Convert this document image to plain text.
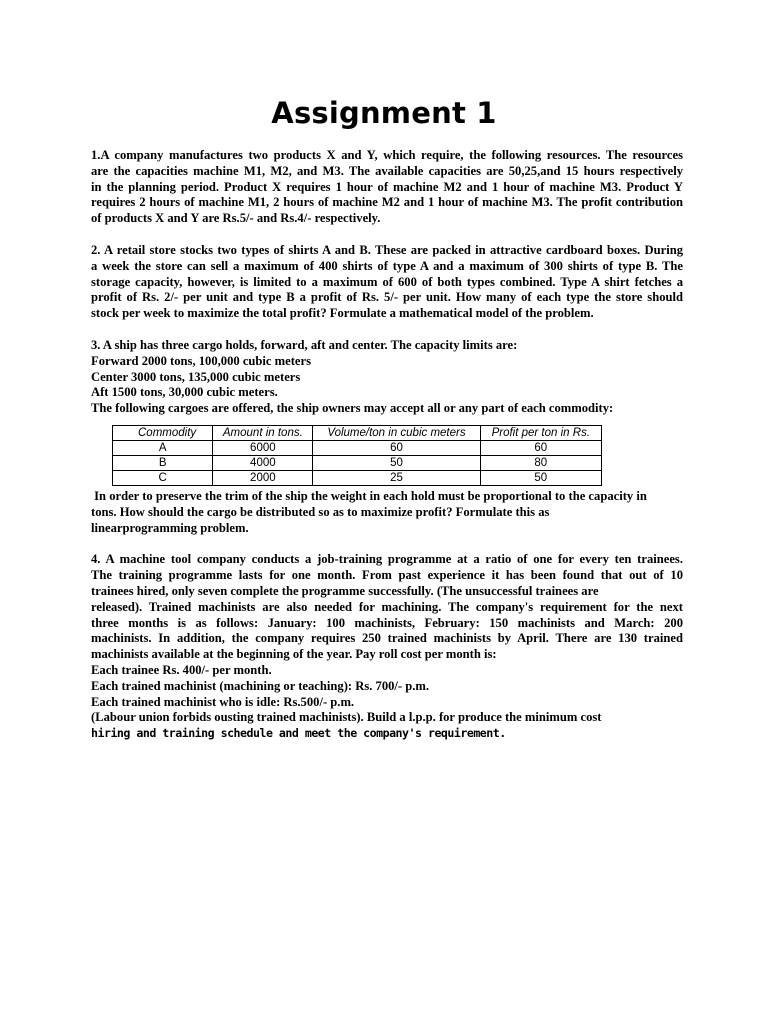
Assignment 1
1.A company manufactures two products X and Y, which require, the following resources. The resources
are the capacities machine M1, M2, and M3. The available capacities are 50,25,and 15 hours respectively
in the planning period. Product X requires 1 hour of machine M2 and 1 hour of machine M3. Product Y
requires 2 hours of machine M1, 2 hours of machine M2 and 1 hour of machine M3. The profit contribution
of products X and Y are Rs.5/- and Rs.4/- respectively.
2. A retail store stocks two types of shirts A and B. These are packed in attractive cardboard boxes. During
a week the store can sell a maximum of 400 shirts of type A and a maximum of 300 shirts of type B. The
storage capacity, however, is limited to a maximum of 600 of both types combined. Type A shirt fetches a
profit of Rs. 2/- per unit and type B a profit of Rs. 5/- per unit. How many of each type the store should
stock per week to maximize the total profit? Formulate a mathematical model of the problem.
3. A ship has three cargo holds, forward, aft and center. The capacity limits are:
Forward 2000 tons, 100,000 cubic meters
Center 3000 tons, 135,000 cubic meters
Aft 1500 tons, 30,000 cubic meters.
The following cargoes are offered, the ship owners may accept all or any part of each commodity:
Commodity	Amount in tons.	Volume/ton in cubic meters	Profit per ton in Rs.
A	6000	60	60
B	4000	50	80
C	2000	25	50
In order to preserve the trim of the ship the weight in each hold must be proportional to the capacity in
tons. How should the cargo be distributed so as to maximize profit? Formulate this as
linearprogramming problem.
4. A machine tool company conducts a job-training programme at a ratio of one for every ten trainees.
The training programme lasts for one month. From past experience it has been found that out of 10
trainees hired, only seven complete the programme successfully. (The unsuccessful trainees are
released). Trained machinists are also needed for machining. The company's requirement for the next
three months is as follows: January: 100 machinists, February: 150 machinists and March: 200
machinists. In addition, the company requires 250 trained machinists by April. There are 130 trained
machinists available at the beginning of the year. Pay roll cost per month is:
Each trainee Rs. 400/- per month.
Each trained machinist (machining or teaching): Rs. 700/- p.m.
Each trained machinist who is idle: Rs.500/- p.m.
(Labour union forbids ousting trained machinists). Build a l.p.p. for produce the minimum cost
hiring and training schedule and meet the company's requirement.
